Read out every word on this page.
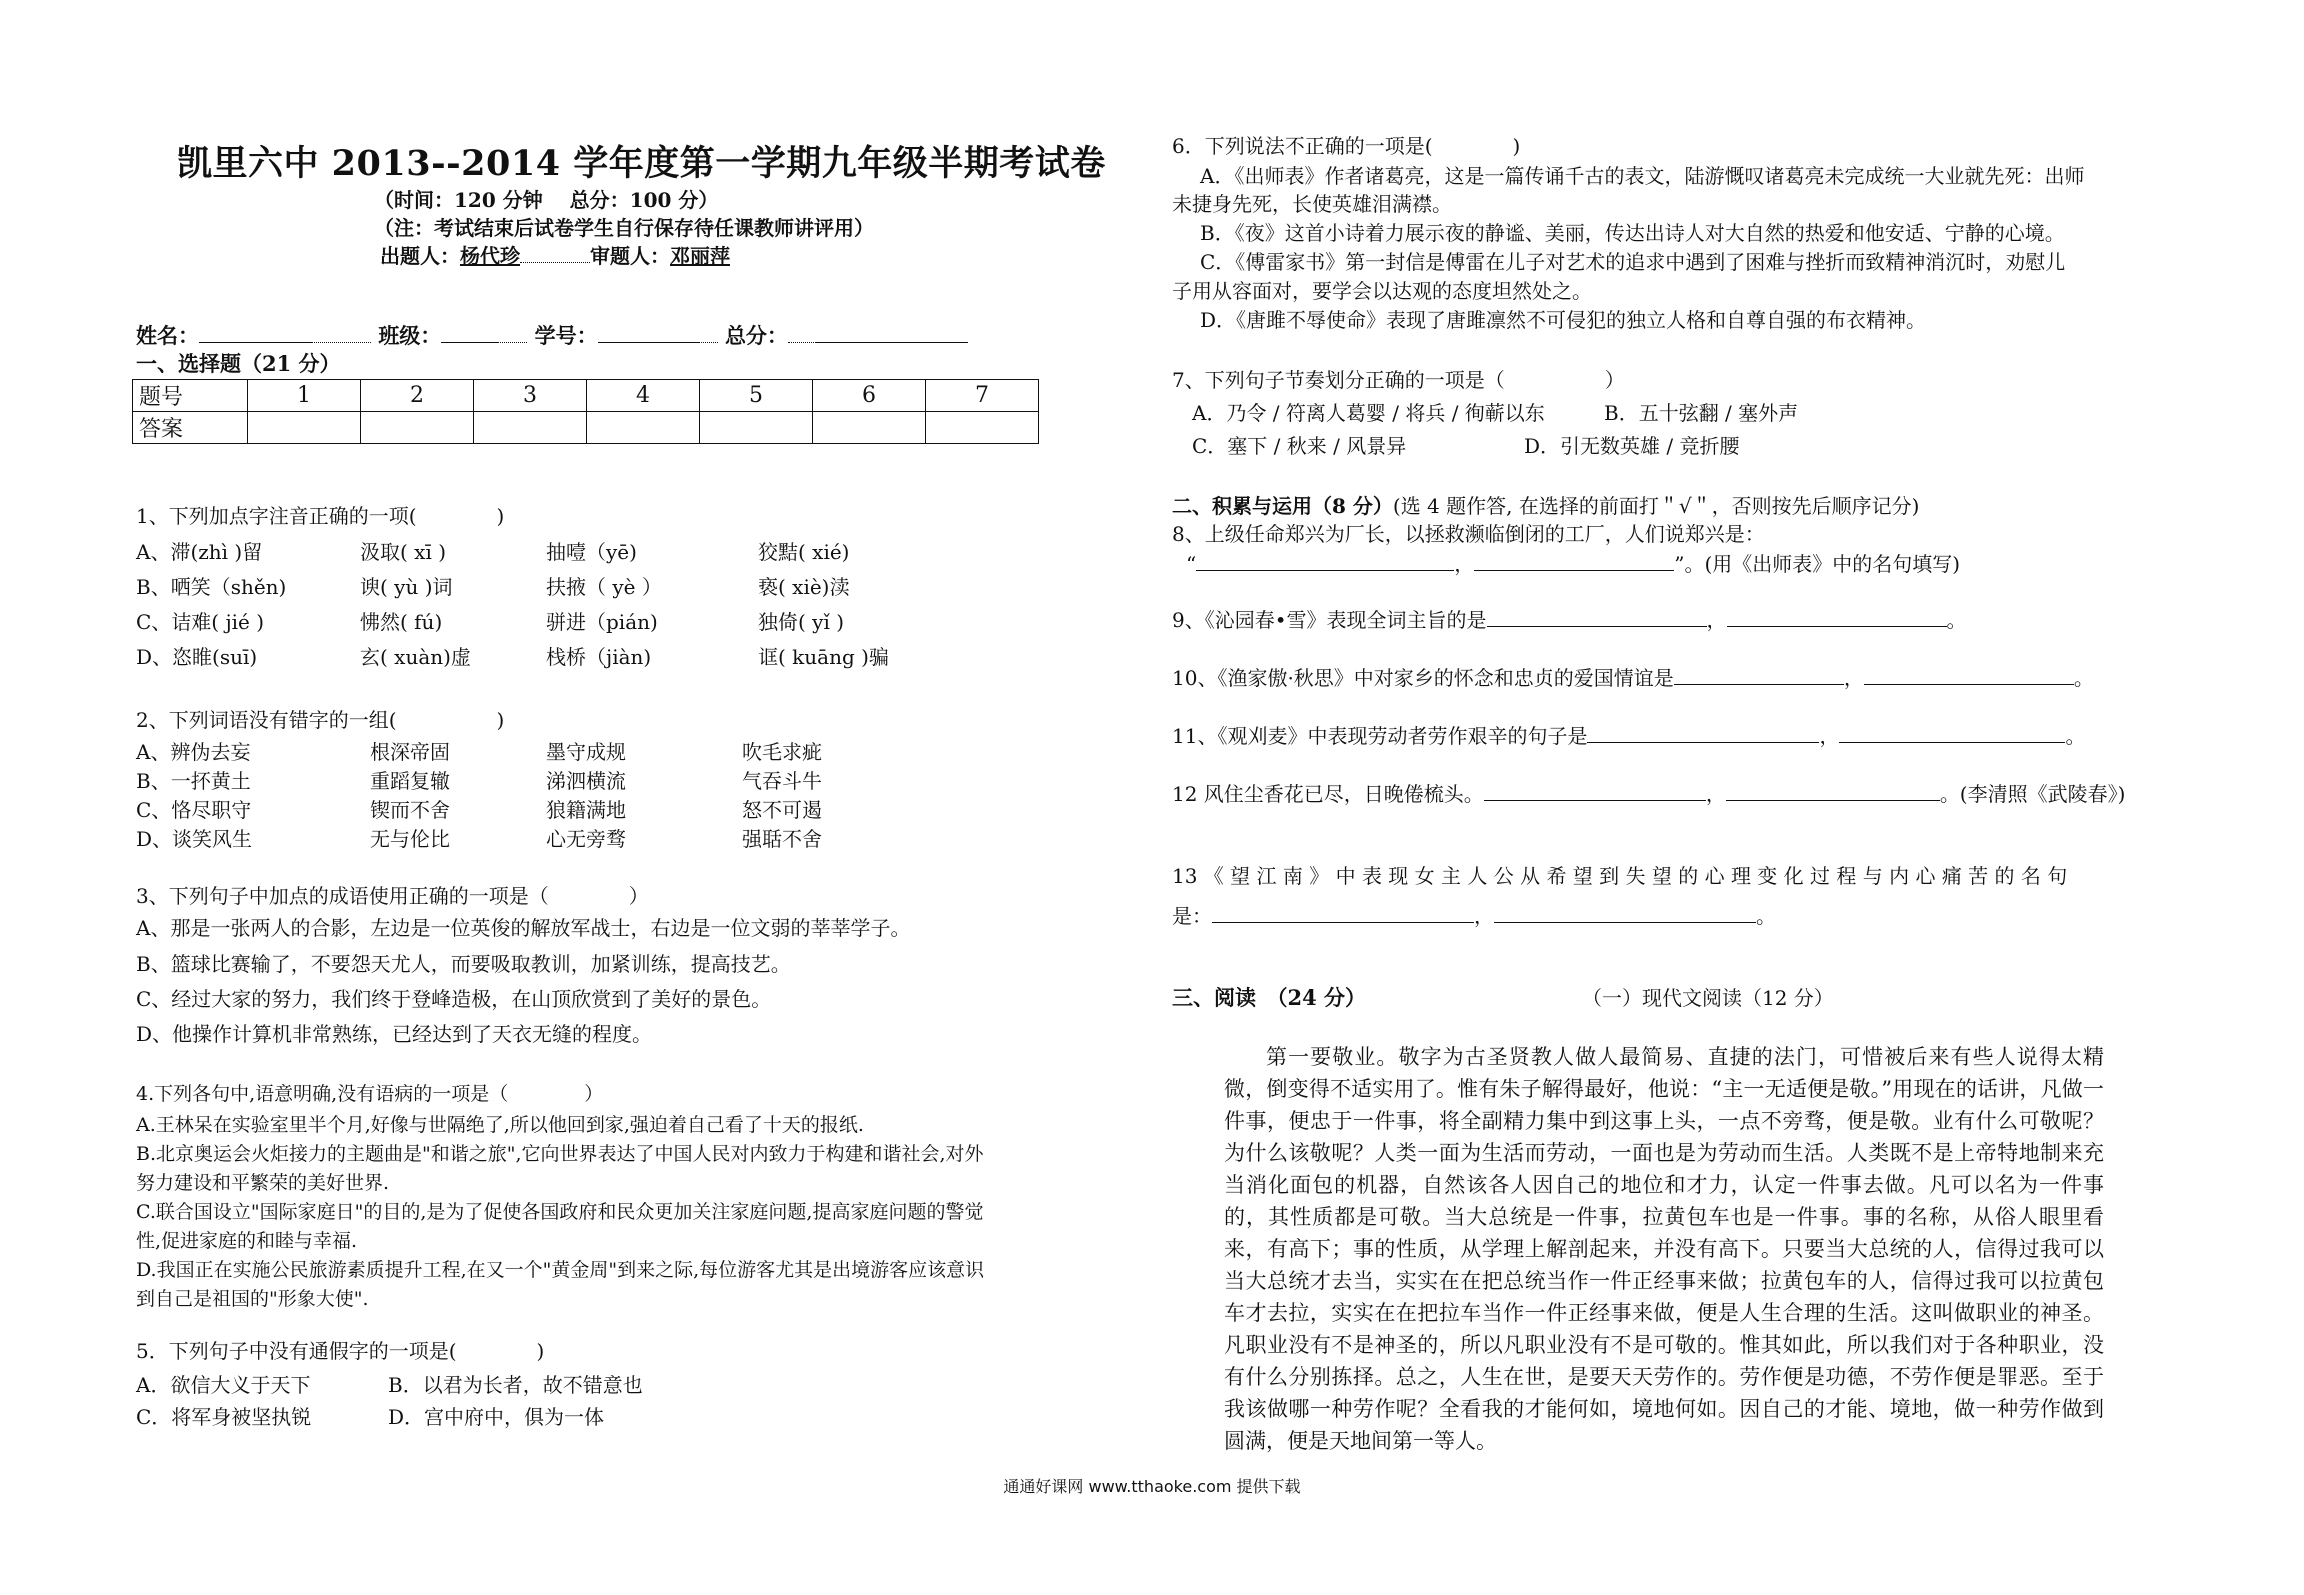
凯里六中 2013--2014 学年度第一学期九年级半期考试卷
（时间：120 分钟　 总分：100 分）
（注：考试结束后试卷学生自行保存待任课教师讲评用）
出题人：杨代珍	审题人：邓丽萍
姓名：	班级：	学号：	总分：
一、选择题（21 分）
题号	1	2	3	4	5	6	7
答案							
1、下列加点字注音正确的一项(　　　　)
A、滞(zhì )留	汲取( xī )	抽噎（yē)	狡黠( xié)
B、哂笑（shěn)	谀( yù )词	扶掖（ yè ）	亵( xiè)渎
C、诘难( jié )	怫然( fú)	骈进（pián)	独倚( yǐ )
D、恣睢(suī)	玄( xuàn)虚	栈桥（jiàn)	诓( kuāng )骗
2、下列词语没有错字的一组(　　　　　)
A、辨伪去妄	根深帝固	墨守成规	吹毛求疵
B、一抔黄土	重蹈复辙	涕泗横流	气吞斗牛
C、恪尽职守	锲而不舍	狼籍满地	怒不可遏
D、谈笑风生	无与伦比	心无旁骛	强聒不舍
3、下列句子中加点的成语使用正确的一项是（　　　　）
A、那是一张两人的合影，左边是一位英俊的解放军战士，右边是一位文弱的莘莘学子。
B、篮球比赛输了，不要怨天尤人，而要吸取教训，加紧训练，提高技艺。
C、经过大家的努力，我们终于登峰造极，在山顶欣赏到了美好的景色。
D、他操作计算机非常熟练，已经达到了天衣无缝的程度。
4.下列各句中,语意明确,没有语病的一项是（　　　　）
A.王林呆在实验室里半个月,好像与世隔绝了,所以他回到家,强迫着自己看了十天的报纸.
B.北京奥运会火炬接力的主题曲是"和谐之旅",它向世界表达了中国人民对内致力于构建和谐社会,对外
努力建设和平繁荣的美好世界.
C.联合国设立"国际家庭日"的目的,是为了促使各国政府和民众更加关注家庭问题,提高家庭问题的警觉
性,促进家庭的和睦与幸福.
D.我国正在实施公民旅游素质提升工程,在又一个"黄金周"到来之际,每位游客尤其是出境游客应该意识
到自己是祖国的"形象大使".
5．下列句子中没有通假字的一项是(　　　　)
A．欲信大义于天下	B．以君为长者，故不错意也
C．将军身被坚执锐	D．宫中府中，俱为一体
6．下列说法不正确的一项是(　　　　)
A．《出师表》作者诸葛亮，这是一篇传诵千古的表文，陆游慨叹诸葛亮未完成统一大业就先死：出师
未捷身先死，长使英雄泪满襟。
B．《夜》这首小诗着力展示夜的静谧、美丽，传达出诗人对大自然的热爱和他安适、宁静的心境。
C．《傅雷家书》第一封信是傅雷在儿子对艺术的追求中遇到了困难与挫折而致精神消沉时，劝慰儿
子用从容面对，要学会以达观的态度坦然处之。
D．《唐雎不辱使命》表现了唐雎凛然不可侵犯的独立人格和自尊自强的布衣精神。
7、下列句子节奏划分正确的一项是（　　　　　）
A．乃令 / 符离人葛婴 / 将兵 / 徇蕲以东	B．五十弦翻 / 塞外声
C．塞下 / 秋来 / 风景异	D．引无数英雄 / 竞折腰
二、积累与运用（8 分）(选 4 题作答, 在选择的前面打＂√＂，否则按先后顺序记分)
8、上级任命郑兴为厂长，以拯救濒临倒闭的工厂，人们说郑兴是：
“	，	”。(用《出师表》中的名句填写)
9、《沁园春•雪》表现全词主旨的是	，	。
10、《渔家傲·秋思》中对家乡的怀念和忠贞的爱国情谊是	，	。
11、《观刈麦》中表现劳动者劳作艰辛的句子是	，	。
12 风住尘香花已尽，日晚倦梳头。	，	。(李清照《武陵春》)
13 《 望 江 南 》 中 表 现 女 主 人 公 从 希 望 到 失 望 的 心 理 变 化 过 程 与 内 心 痛 苦 的 名 句
是：	，	。
三、阅读　（24 分）	（一）现代文阅读（12 分）

第一要敬业。敬字为古圣贤教人做人最简易、直捷的法门，可惜被后来有些人说得太精微，倒变得不适实用了。惟有朱子解得最好，他说：“主一无适便是敬。”用现在的话讲，凡做一件事，便忠于一件事，将全副精力集中到这事上头，一点不旁骛，便是敬。业有什么可敬呢？为什么该敬呢？人类一面为生活而劳动，一面也是为劳动而生活。人类既不是上帝特地制来充当消化面包的机器，自然该各人因自己的地位和才力，认定一件事去做。凡可以名为一件事的，其性质都是可敬。当大总统是一件事，拉黄包车也是一件事。事的名称，从俗人眼里看来，有高下；事的性质，从学理上解剖起来，并没有高下。只要当大总统的人，信得过我可以当大总统才去当，实实在在把总统当作一件正经事来做；拉黄包车的人，信得过我可以拉黄包车才去拉，实实在在把拉车当作一件正经事来做，便是人生合理的生活。这叫做职业的神圣。凡职业没有不是神圣的，所以凡职业没有不是可敬的。惟其如此，所以我们对于各种职业，没有什么分别拣择。总之，人生在世，是要天天劳作的。劳作便是功德，不劳作便是罪恶。至于我该做哪一种劳作呢？全看我的才能何如，境地何如。因自己的才能、境地，做一种劳作做到圆满，便是天地间第一等人。

通通好课网 www.tthaoke.com 提供下载
